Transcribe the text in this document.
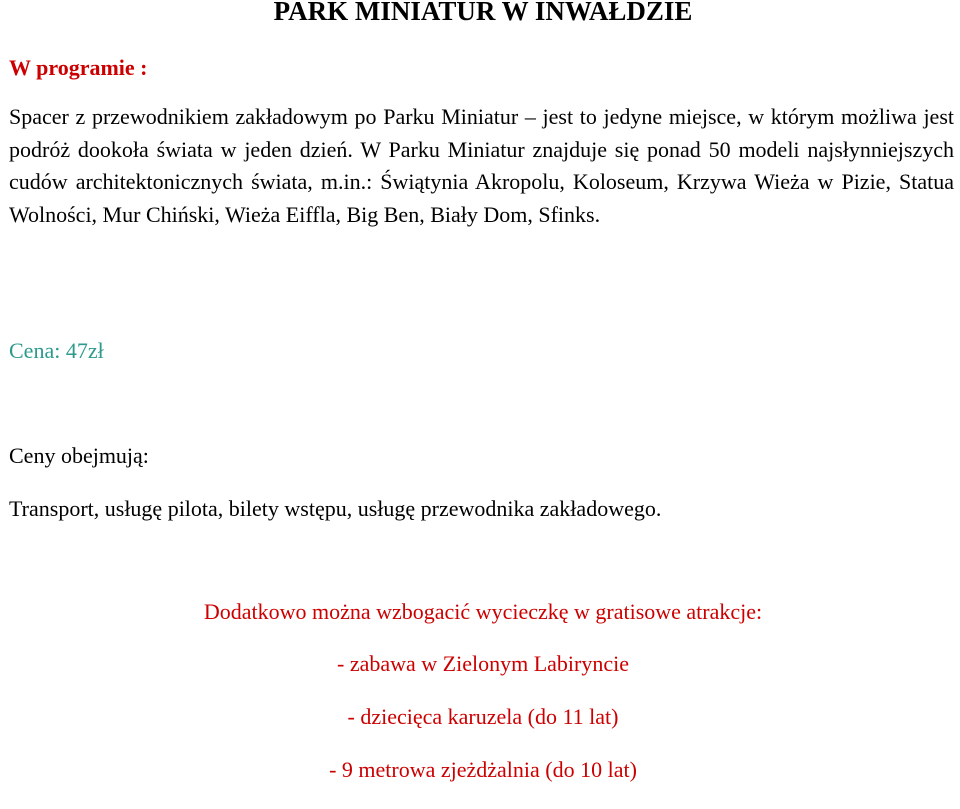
PARK MINIATUR W INWAŁDZIE
W programie :

Spacer z przewodnikiem zakładowym po Parku Miniatur – jest to jedyne miejsce, w którym możliwa jest podróż dookoła świata w jeden dzień. W Parku Miniatur znajduje się ponad 50 modeli najsłynniejszych cudów architektonicznych świata, m.in.: Świątynia Akropolu, Koloseum, Krzywa Wieża w Pizie, Statua Wolności, Mur Chiński, Wieża Eiffla, Big Ben, Biały Dom, Sfinks.

Cena: 47zł
Ceny obejmują:
Transport, usługę pilota, bilety wstępu, usługę przewodnika zakładowego.
Dodatkowo można wzbogacić wycieczkę w gratisowe atrakcje:
- zabawa w Zielonym Labiryncie
- dziecięca karuzela (do 11 lat)
- 9 metrowa zjeżdżalnia (do 10 lat)
